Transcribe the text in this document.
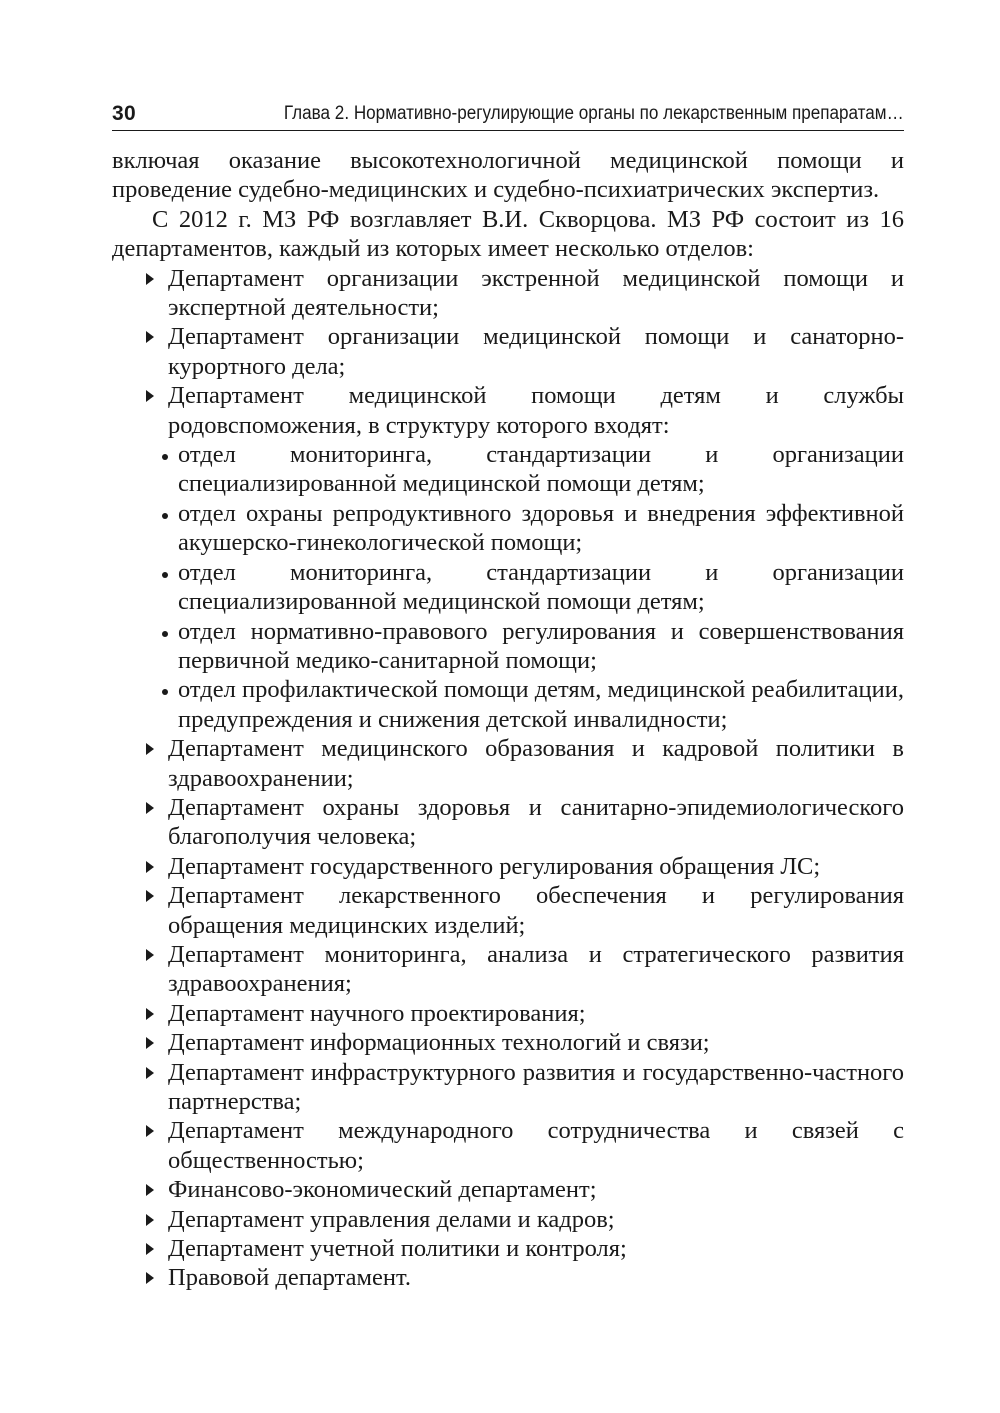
30	Глава 2. Нормативно-регулирующие органы по лекарственным препаратам…

включая оказание высокотехнологичной медицинской помощи и проведение судебно-медицинских и судебно-психиатрических экспертиз.

С 2012 г. МЗ РФ возглавляет В.И. Скворцова. МЗ РФ состоит из 16 департаментов, каждый из которых имеет несколько отделов:

Департамент организации экстренной медицинской помощи и экспертной деятельности;
Департамент организации медицинской помощи и санаторно-курортного дела;
Департамент медицинской помощи детям и службы родовспоможения, в структуру которого входят:
отдел мониторинга, стандартизации и организации специализированной медицинской помощи детям;
отдел охраны репродуктивного здоровья и внедрения эффективной акушерско-гинекологической помощи;
отдел мониторинга, стандартизации и организации специализированной медицинской помощи детям;
отдел нормативно-правового регулирования и совершенствования первичной медико-санитарной помощи;
отдел профилактической помощи детям, медицинской реабилитации, предупреждения и снижения детской инвалидности;
Департамент медицинского образования и кадровой политики в здравоохранении;
Департамент охраны здоровья и санитарно-эпидемиологического благополучия человека;
Департамент государственного регулирования обращения ЛС;
Департамент лекарственного обеспечения и регулирования обращения медицинских изделий;
Департамент мониторинга, анализа и стратегического развития здравоохранения;
Департамент научного проектирования;
Департамент информационных технологий и связи;
Департамент инфраструктурного развития и государственно-частного партнерства;
Департамент международного сотрудничества и связей с общественностью;
Финансово-экономический департамент;
Департамент управления делами и кадров;
Департамент учетной политики и контроля;
Правовой департамент.
